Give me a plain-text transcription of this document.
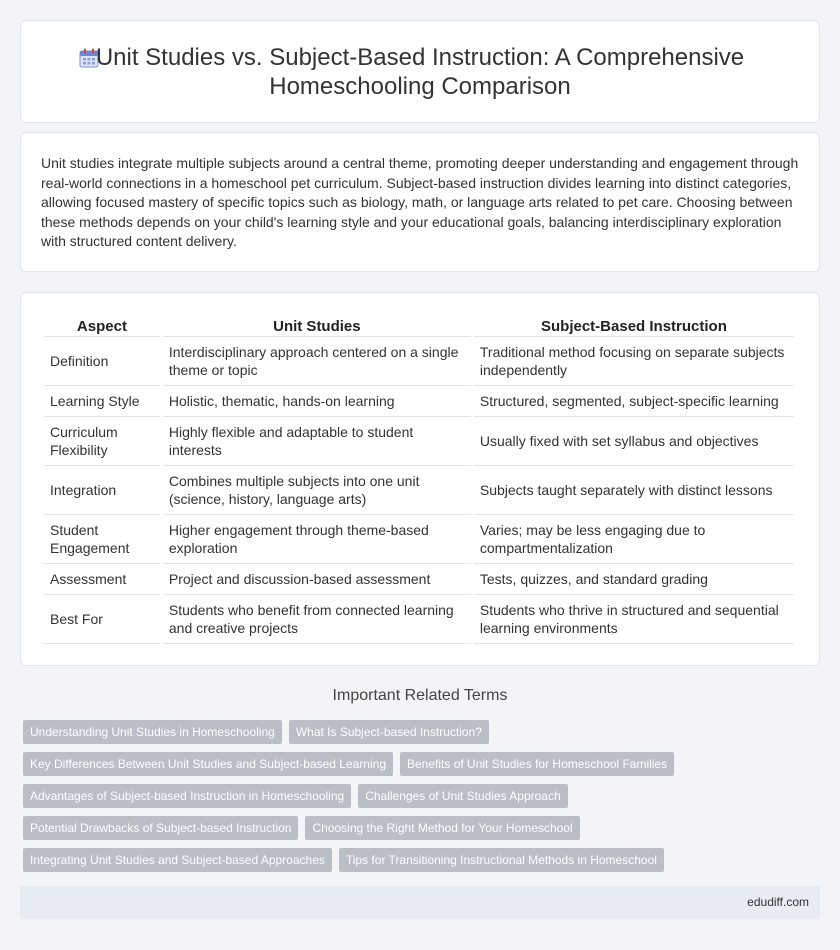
Unit Studies vs. Subject-Based Instruction: A Comprehensive Homeschooling Comparison

Unit studies integrate multiple subjects around a central theme, promoting deeper understanding and engagement through real-world connections in a homeschool pet curriculum. Subject-based instruction divides learning into distinct categories, allowing focused mastery of specific topics such as biology, math, or language arts related to pet care. Choosing between these methods depends on your child's learning style and your educational goals, balancing interdisciplinary exploration with structured content delivery.

Aspect	Unit Studies	Subject-Based Instruction
Definition	Interdisciplinary approach centered on a single theme or topic	Traditional method focusing on separate subjects independently
Learning Style	Holistic, thematic, hands-on learning	Structured, segmented, subject-specific learning
Curriculum Flexibility	Highly flexible and adaptable to student interests	Usually fixed with set syllabus and objectives
Integration	Combines multiple subjects into one unit (science, history, language arts)	Subjects taught separately with distinct lessons
Student Engagement	Higher engagement through theme-based exploration	Varies; may be less engaging due to compartmentalization
Assessment	Project and discussion-based assessment	Tests, quizzes, and standard grading
Best For	Students who benefit from connected learning and creative projects	Students who thrive in structured and sequential learning environments
Important Related Terms
Understanding Unit Studies in Homeschooling	What Is Subject-based Instruction?
Key Differences Between Unit Studies and Subject-based Learning	Benefits of Unit Studies for Homeschool Families
Advantages of Subject-based Instruction in Homeschooling	Challenges of Unit Studies Approach
Potential Drawbacks of Subject-based Instruction	Choosing the Right Method for Your Homeschool
Integrating Unit Studies and Subject-based Approaches	Tips for Transitioning Instructional Methods in Homeschool
edudiff.com
